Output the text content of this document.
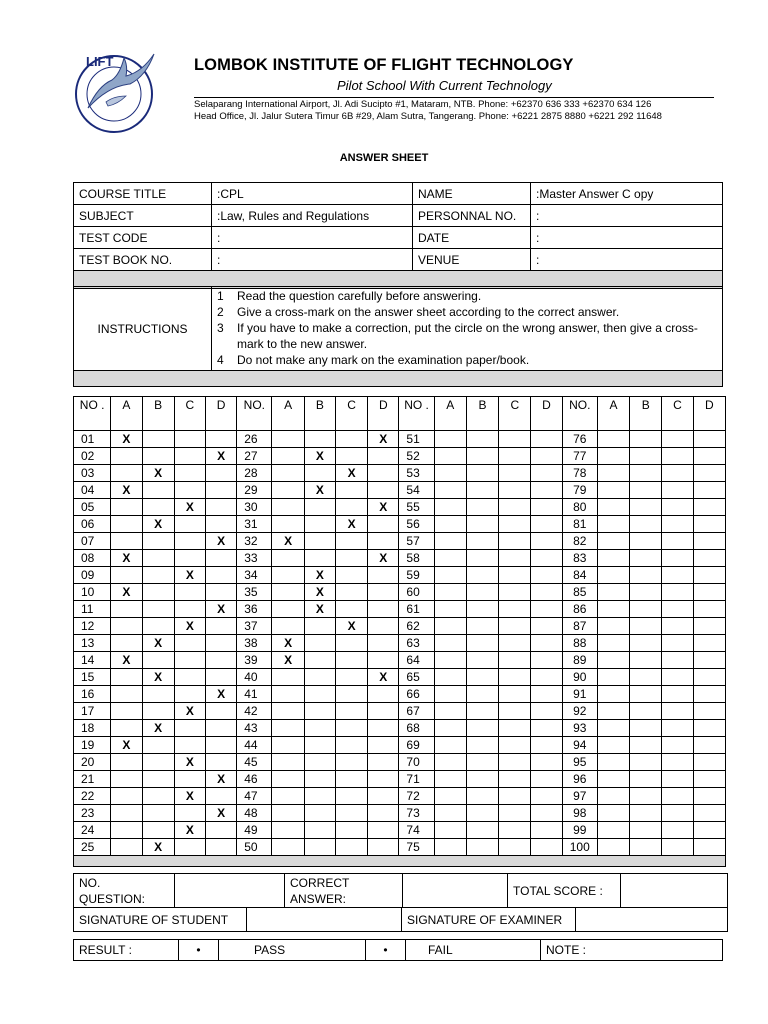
LIFT	LOMBOK INSTITUTE OF FLIGHT TECHNOLOGY
Pilot School With Current Technology
Selaparang International Airport, Jl. Adi Sucipto #1, Mataram, NTB. Phone: +62370 636 333 +62370 634 126
Head Office, Jl. Jalur Sutera Timur 6B #29, Alam Sutra, Tangerang. Phone: +6221 2875 8880 +6221 292 11648
ANSWER SHEET
COURSE TITLE	:CPL	NAME	:Master Answer C opy
SUBJECT	:Law, Rules and Regulations	PERSONNAL NO.	:
TEST CODE	:	DATE	:
TEST BOOK NO.	:	VENUE	:

INSTRUCTIONS	
1 Read the question carefully before answering.
2 Give a cross-mark on the answer sheet according to the correct answer.
3 If you have to make a correction, put the circle on the wrong answer, then give a cross-mark to the new answer.
4 Do not make any mark on the examination paper/book.

NO .	A	B	C	D	NO.	A	B	C	D	NO .	A	B	C	D	NO.	A	B	C	D
01	X				26				X	51					76				
02				X	27		X			52					77				
03		X			28			X		53					78				
04	X				29		X			54					79				
05			X		30				X	55					80				
06		X			31			X		56					81				
07				X	32	X				57					82				
08	X				33				X	58					83				
09			X		34		X			59					84				
10	X				35		X			60					85				
11				X	36		X			61					86				
12			X		37			X		62					87				
13		X			38	X				63					88				
14	X				39	X				64					89				
15		X			40				X	65					90				
16				X	41					66					91				
17			X		42					67					92				
18		X			43					68					93				
19	X				44					69					94				
20			X		45					70					95				
21				X	46					71					96				
22			X		47					72					97				
23				X	48					73					98				
24			X		49					74					99				
25		X			50					75					100				

NO. QUESTION:		CORRECT ANSWER:		TOTAL SCORE :	
SIGNATURE OF STUDENT		SIGNATURE OF EXAMINER	
RESULT :	•	PASS	•	FAIL	NOTE :
